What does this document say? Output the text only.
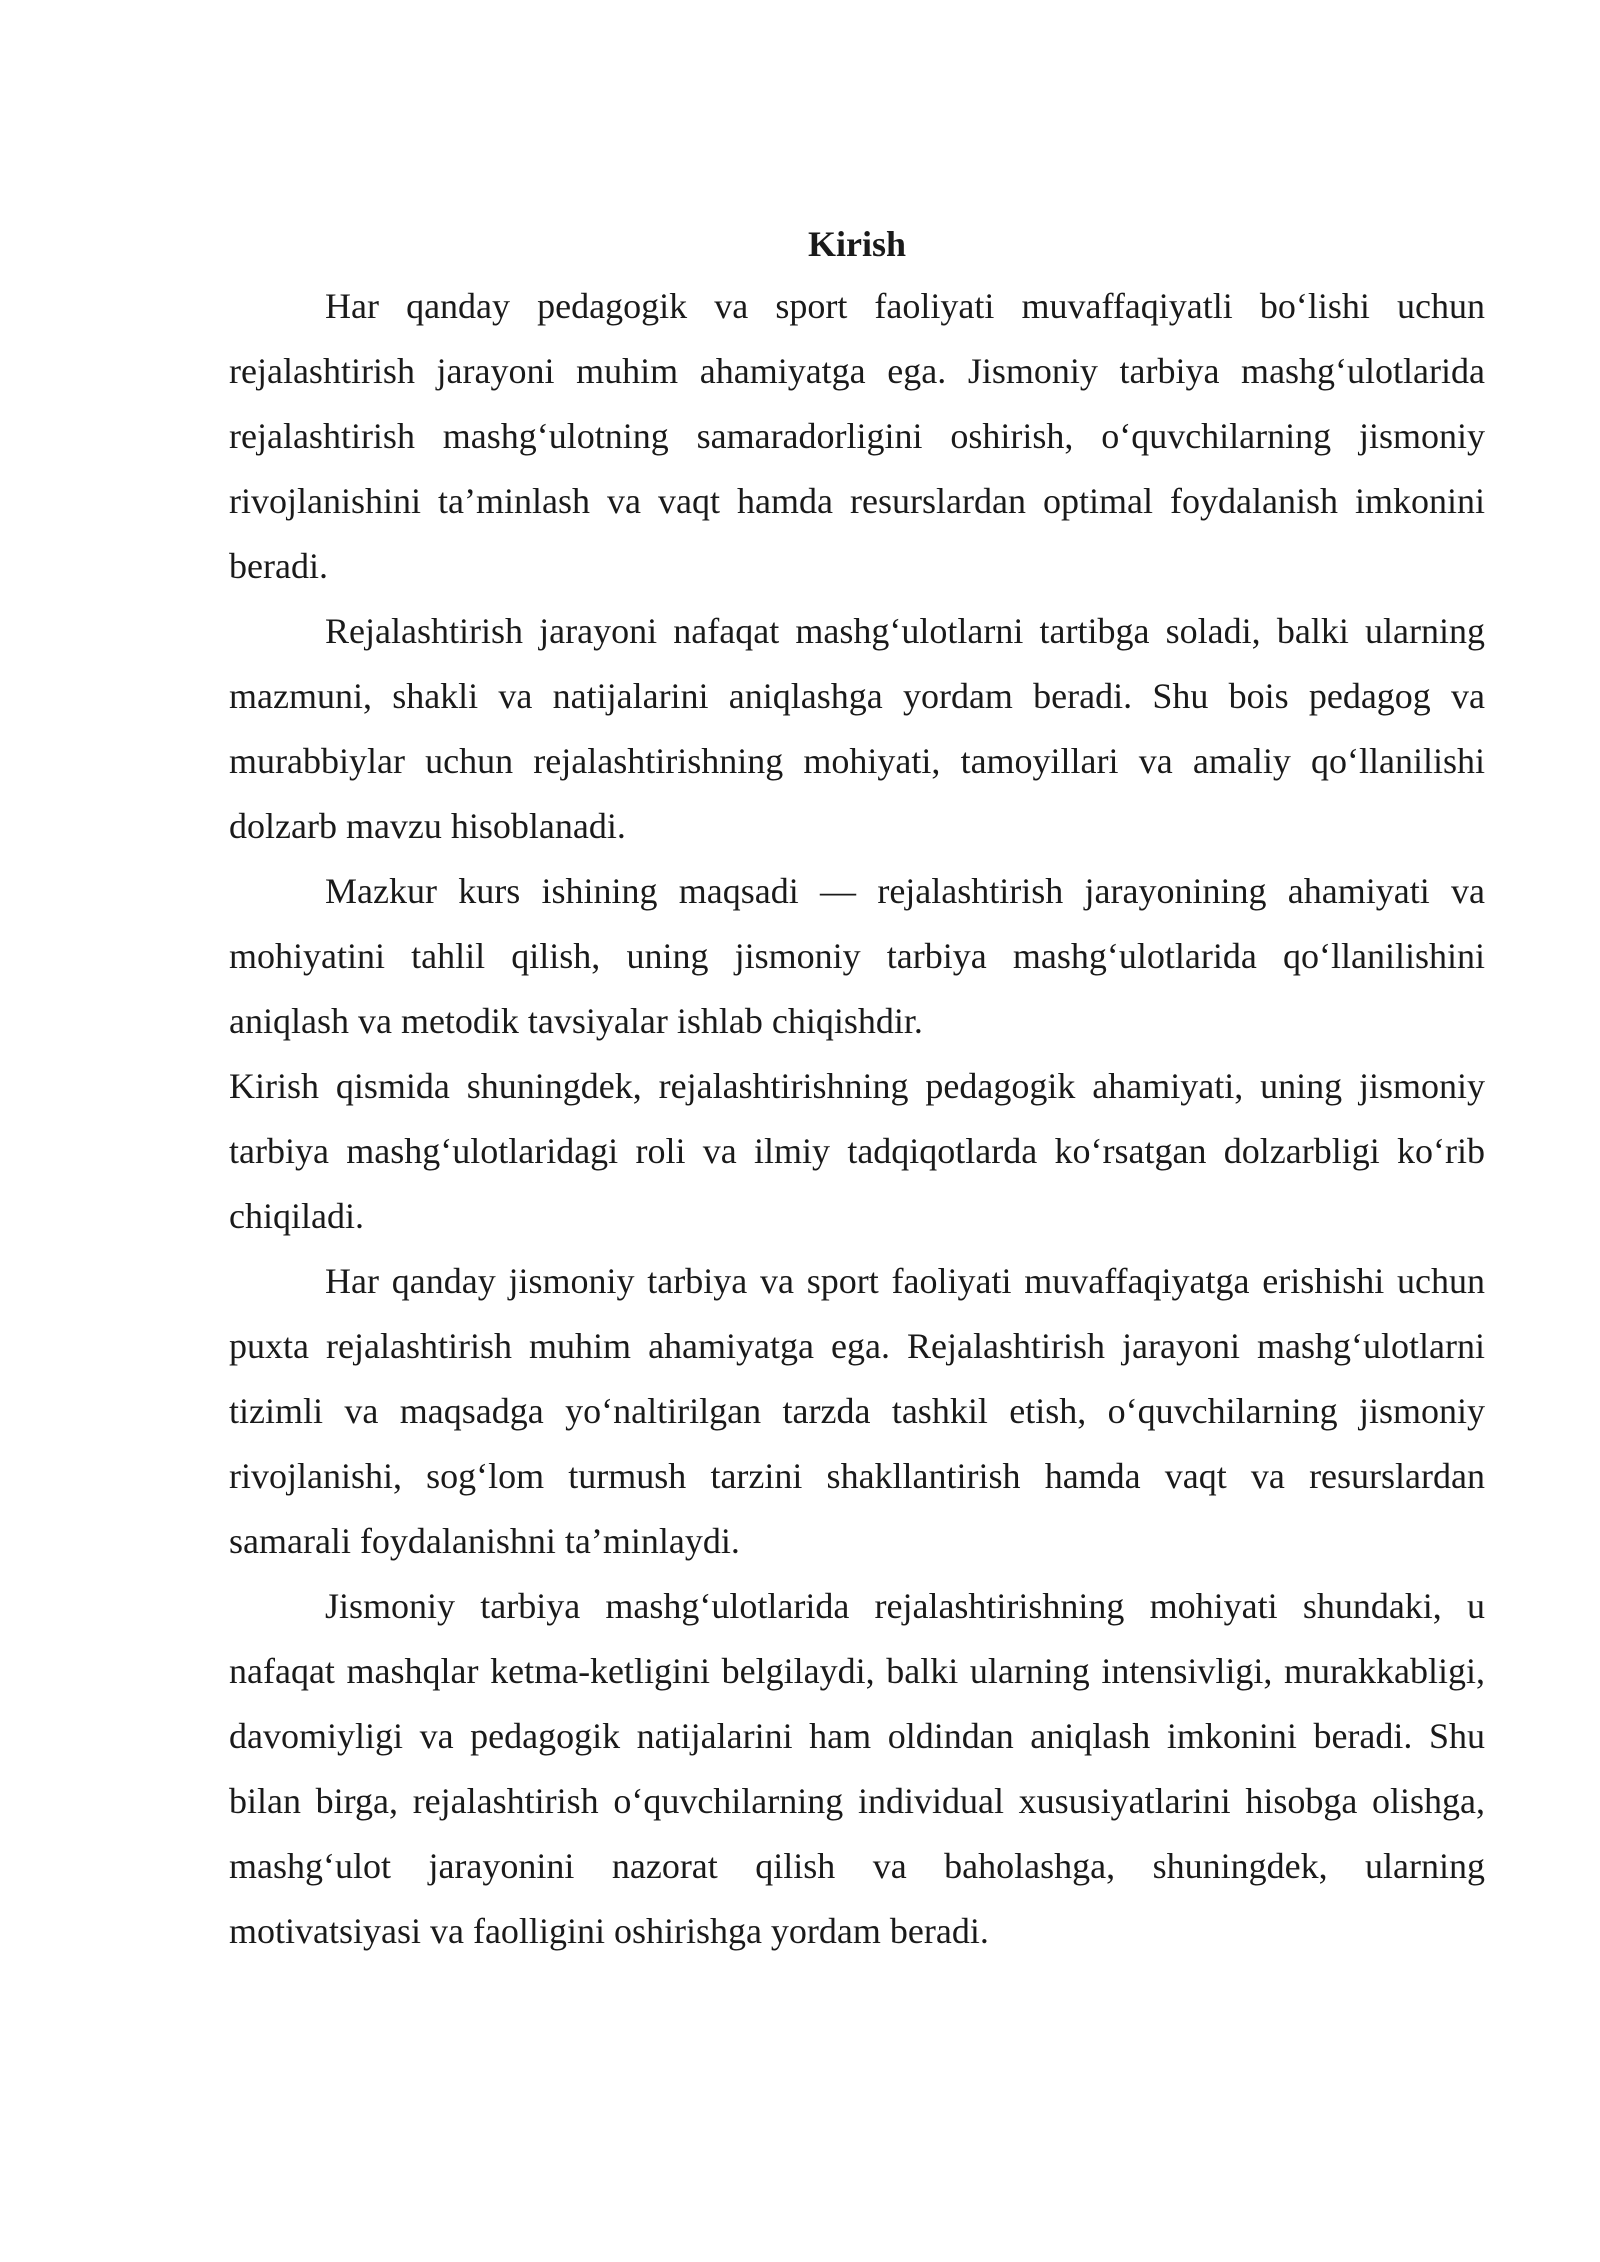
Kirish

Har qanday pedagogik va sport faoliyati muvaffaqiyatli bo‘lishi uchun rejalashtirish jarayoni muhim ahamiyatga ega. Jismoniy tarbiya mashg‘ulotlarida rejalashtirish mashg‘ulotning samaradorligini oshirish, o‘quvchilarning jismoniy rivojlanishini ta’minlash va vaqt hamda resurslardan optimal foydalanish imkonini beradi.

Rejalashtirish jarayoni nafaqat mashg‘ulotlarni tartibga soladi, balki ularning mazmuni, shakli va natijalarini aniqlashga yordam beradi. Shu bois pedagog va murabbiylar uchun rejalashtirishning mohiyati, tamoyillari va amaliy qo‘llanilishi dolzarb mavzu hisoblanadi.

Mazkur kurs ishining maqsadi — rejalashtirish jarayonining ahamiyati va mohiyatini tahlil qilish, uning jismoniy tarbiya mashg‘ulotlarida qo‘llanilishini aniqlash va metodik tavsiyalar ishlab chiqishdir.

Kirish qismida shuningdek, rejalashtirishning pedagogik ahamiyati, uning jismoniy tarbiya mashg‘ulotlaridagi roli va ilmiy tadqiqotlarda ko‘rsatgan dolzarbligi ko‘rib chiqiladi.

Har qanday jismoniy tarbiya va sport faoliyati muvaffaqiyatga erishishi uchun puxta rejalashtirish muhim ahamiyatga ega. Rejalashtirish jarayoni mashg‘ulotlarni tizimli va maqsadga yo‘naltirilgan tarzda tashkil etish, o‘quvchilarning jismoniy rivojlanishi, sog‘lom turmush tarzini shakllantirish hamda vaqt va resurslardan samarali foydalanishni ta’minlaydi.

Jismoniy tarbiya mashg‘ulotlarida rejalashtirishning mohiyati shundaki, u nafaqat mashqlar ketma-ketligini belgilaydi, balki ularning intensivligi, murakkabligi, davomiyligi va pedagogik natijalarini ham oldindan aniqlash imkonini beradi. Shu bilan birga, rejalashtirish o‘quvchilarning individual xususiyatlarini hisobga olishga, mashg‘ulot jarayonini nazorat qilish va baholashga, shuningdek, ularning motivatsiyasi va faolligini oshirishga yordam beradi.
